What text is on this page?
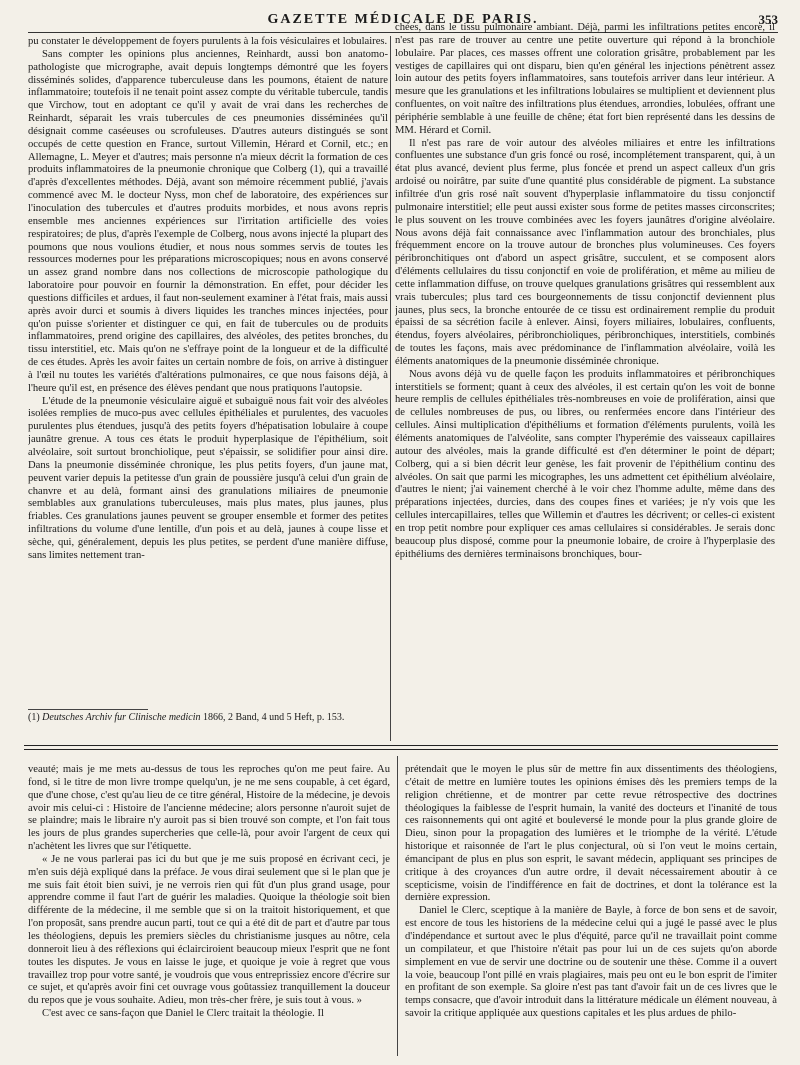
GAZETTE MÉDICALE DE PARIS.	353

pu constater le développement de foyers purulents à la fois vésiculaires et lobulaires.

Sans compter les opinions plus anciennes, Reinhardt, aussi bon anatomo-pathologiste que micrographe, avait depuis longtemps démontré que les foyers disséminés solides, d'apparence tuberculeuse dans les poumons, étaient de nature inflammatoire; toutefois il ne tenait point assez compte du véritable tubercule, tandis que Virchow, tout en adoptant ce qu'il y avait de vrai dans les recherches de Reinhardt, séparait les vrais tubercules de ces pneumonies disséminées qu'il désignait comme caséeuses ou scrofuleuses. D'autres auteurs distingués se sont occupés de cette question en France, surtout Villemin, Hérard et Cornil, etc.; en Allemagne, L. Meyer et d'autres; mais personne n'a mieux décrit la formation de ces produits inflammatoires de la pneumonie chronique que Colberg (1), qui a travaillé d'après d'excellentes méthodes. Déjà, avant son mémoire récemment publié, j'avais commencé avec M. le docteur Nyss, mon chef de laboratoire, des expériences sur l'inoculation des tubercules et d'autres produits morbides, et nous avons repris ensemble mes anciennes expériences sur l'irritation artificielle des voies respiratoires; de plus, d'après l'exemple de Colberg, nous avons injecté la plupart des poumons que nous voulions étudier, et nous nous sommes servis de toutes les ressources modernes pour les préparations microscopiques; nous en avons conservé un assez grand nombre dans nos collections de microscopie pathologique du laboratoire pour pouvoir en fournir la démonstration. En effet, pour décider les questions difficiles et ardues, il faut non-seulement examiner à l'état frais, mais aussi après avoir durci et soumis à divers liquides les tranches minces injectées, pour qu'on puisse s'orienter et distinguer ce qui, en fait de tubercules ou de produits inflammatoires, prend origine des capillaires, des alvéoles, des petites bronches, du tissu interstitiel, etc. Mais qu'on ne s'effraye point de la longueur et de la difficulté de ces études. Après les avoir faites un certain nombre de fois, on arrive à distinguer à l'œil nu toutes les variétés d'altérations pulmonaires, ce que nous faisons déjà, à l'heure qu'il est, en présence des élèves pendant que nous pratiquons l'autopsie.

L'étude de la pneumonie vésiculaire aiguë et subaiguë nous fait voir des alvéoles isolées remplies de muco-pus avec cellules épithéliales et purulentes, des vacuoles purulentes plus étendues, jusqu'à des petits foyers d'hépatisation lobulaire à coupe jaunâtre grenue. A tous ces états le produit hyperplasique de l'épithélium, soit alvéolaire, soit surtout bronchiolique, peut s'épaissir, se solidifier pour ainsi dire. Dans la pneumonie disséminée chronique, les plus petits foyers, d'un jaune mat, peuvent varier depuis la petitesse d'un grain de poussière jusqu'à celui d'un grain de chanvre et au delà, formant ainsi des granulations miliaires de pneumonie semblables aux granulations tuberculeuses, mais plus mates, plus jaunes, plus friables. Ces granulations jaunes peuvent se grouper ensemble et former des petites infiltrations du volume d'une lentille, d'un pois et au delà, jaunes à coupe lisse et sèche, qui, généralement, depuis les plus petites, se perdent d'une manière diffuse, sans limites nettement tran-

chées, dans le tissu pulmonaire ambiant. Déjà, parmi les infiltrations petites encore, il n'est pas rare de trouver au centre une petite ouverture qui répond à la bronchiole lobulaire. Par places, ces masses offrent une coloration grisâtre, probablement par les vestiges de capillaires qui ont disparu, bien qu'en général les injections pénètrent assez loin autour des petits foyers inflammatoires, sans toutefois arriver dans leur intérieur. A mesure que les granulations et les infiltrations lobulaires se multiplient et deviennent plus confluentes, on voit naître des infiltrations plus étendues, arrondies, lobulées, offrant une périphérie semblable à une feuille de chêne; état fort bien représenté dans les dessins de MM. Hérard et Cornil.

Il n'est pas rare de voir autour des alvéoles miliaires et entre les infiltrations confluentes une substance d'un gris foncé ou rosé, incomplétement transparent, qui, à un état plus avancé, devient plus ferme, plus foncée et prend un aspect calleux d'un gris ardoisé ou noirâtre, par suite d'une quantité plus considérable de pigment. La substance infiltrée d'un gris rosé naît souvent d'hyperplasie inflammatoire du tissu conjonctif pulmonaire interstitiel; elle peut aussi exister sous forme de petites masses circonscrites; le plus souvent on les trouve combinées avec les foyers jaunâtres d'origine alvéolaire. Nous avons déjà fait connaissance avec l'inflammation autour des bronchiales, plus fréquemment encore on la trouve autour de bronches plus volumineuses. Ces foyers péribronchitiques ont d'abord un aspect grisâtre, succulent, et se composent alors d'éléments cellulaires du tissu conjonctif en voie de prolifération, et même au milieu de cette inflammation diffuse, on trouve quelques granulations grisâtres qui ressemblent aux vrais tubercules; plus tard ces bourgeonnements de tissu conjonctif deviennent plus jaunes, plus secs, la bronche entourée de ce tissu est ordinairement remplie du produit épaissi de sa sécrétion facile à enlever. Ainsi, foyers miliaires, lobulaires, confluents, étendus, foyers alvéolaires, péribronchioliques, péribronchiques, interstitiels, combinés de toutes les façons, mais avec prédominance de l'inflammation alvéolaire, voilà les éléments anatomiques de la pneumonie disséminée chronique.

Nous avons déjà vu de quelle façon les produits inflammatoires et péribronchiques interstitiels se forment; quant à ceux des alvéoles, il est certain qu'on les voit de bonne heure remplis de cellules épithéliales très-nombreuses en voie de prolifération, ainsi que de cellules nombreuses de pus, ou libres, ou renfermées encore dans l'intérieur des cellules. Ainsi multiplication d'épithéliums et formation d'éléments purulents, voilà les éléments anatomiques de l'alvéolite, sans compter l'hyperémie des vaisseaux capillaires autour des alvéoles, mais la grande difficulté est d'en déterminer le point de départ; Colberg, qui a si bien décrit leur genèse, les fait provenir de l'épithélium continu des alvéoles. On sait que parmi les micographes, les uns admettent cet épithélium alvéolaire, d'autres le nient; j'ai vainement cherché à le voir chez l'homme adulte, même dans des préparations injectées, durcies, dans des coupes fines et variées; je n'y vois que les cellules intercapillaires, telles que Willemin et d'autres les décrivent; or celles-ci existent en trop petit nombre pour expliquer ces amas cellulaires si considérables. Je serais donc beaucoup plus disposé, comme pour la pneumonie lobaire, de croire à l'hyperplasie des épithéliums des dernières terminaisons bronchiques, bour-

(1) Deutsches Archiv fur Clinische medicin 1866, 2 Band, 4 und 5 Heft, p. 153.

veauté; mais je me mets au-dessus de tous les reproches qu'on me peut faire. Au fond, si le titre de mon livre trompe quelqu'un, je ne me sens coupable, à cet égard, que d'une chose, c'est qu'au lieu de ce titre général, Histoire de la médecine, je devois avoir mis celui-ci : Histoire de l'ancienne médecine; alors personne n'auroit sujet de se plaindre; mais le libraire n'y auroit pas si bien trouvé son compte, et l'on fait tous les jours de plus grandes supercheries que celle-là, pour avoir l'argent de ceux qui n'achètent les livres que sur l'étiquette.

« Je ne vous parlerai pas ici du but que je me suis proposé en écrivant ceci, je m'en suis déjà expliqué dans la préface. Je vous dirai seulement que si le plan que je me suis fait étoit bien suivi, je ne verrois rien qui fût d'un plus grand usage, pour apprendre comme il faut l'art de guérir les maladies. Quoique la théologie soit bien différente de la médecine, il me semble que si on la traitoit historiquement, et que l'on proposât, sans prendre aucun parti, tout ce qui a été dit de part et d'autre par tous les théologiens, depuis les premiers siècles du christianisme jusques au nôtre, cela donneroit lieu à des réflexions qui éclairciroient beaucoup mieux l'esprit que ne font toutes les disputes. Je vous en laisse le juge, et quoique je voie à regret que vous travaillez trop pour votre santé, je voudrois que vous entreprissiez encore d'écrire sur ce sujet, et qu'après avoir fini cet ouvrage vous goûtassiez tranquillement la douceur du repos que je vous souhaite. Adieu, mon très-cher frère, je suis tout à vous. »

C'est avec ce sans-façon que Daniel le Clerc traitait la théologie. Il

prétendait que le moyen le plus sûr de mettre fin aux dissentiments des théologiens, c'était de mettre en lumière toutes les opinions émises dès les premiers temps de la religion chrétienne, et de montrer par cette revue rétrospective des doctrines théologiques la faiblesse de l'esprit humain, la vanité des docteurs et l'inanité de tous ces raisonnements qui ont agité et bouleversé le monde pour la plus grande gloire de Dieu, sinon pour la propagation des lumières et le triomphe de la vérité. L'étude historique et raisonnée de l'art le plus conjectural, où si l'on veut le moins certain, émancipant de plus en plus son esprit, le savant médecin, appliquant ses principes de critique à des croyances d'un autre ordre, il devait nécessairement aboutir à ce scepticisme, voisin de l'indifférence en fait de doctrines, et dont la tolérance est la dernière expression.

Daniel le Clerc, sceptique à la manière de Bayle, à force de bon sens et de savoir, est encore de tous les historiens de la médecine celui qui a jugé le passé avec le plus d'indépendance et surtout avec le plus d'équité, parce qu'il ne travaillait point comme un compilateur, et que l'histoire n'était pas pour lui un de ces sujets qu'on aborde simplement en vue de servir une doctrine ou de soutenir une thèse. Comme il a ouvert la voie, beaucoup l'ont pillé en vrais plagiaires, mais peu ont eu le bon esprit de l'imiter en profitant de son exemple. Sa gloire n'est pas tant d'avoir fait un de ces livres que le temps consacre, que d'avoir introduit dans la littérature médicale un élément nouveau, à savoir la critique appliquée aux questions capitales et les plus ardues de philo-
